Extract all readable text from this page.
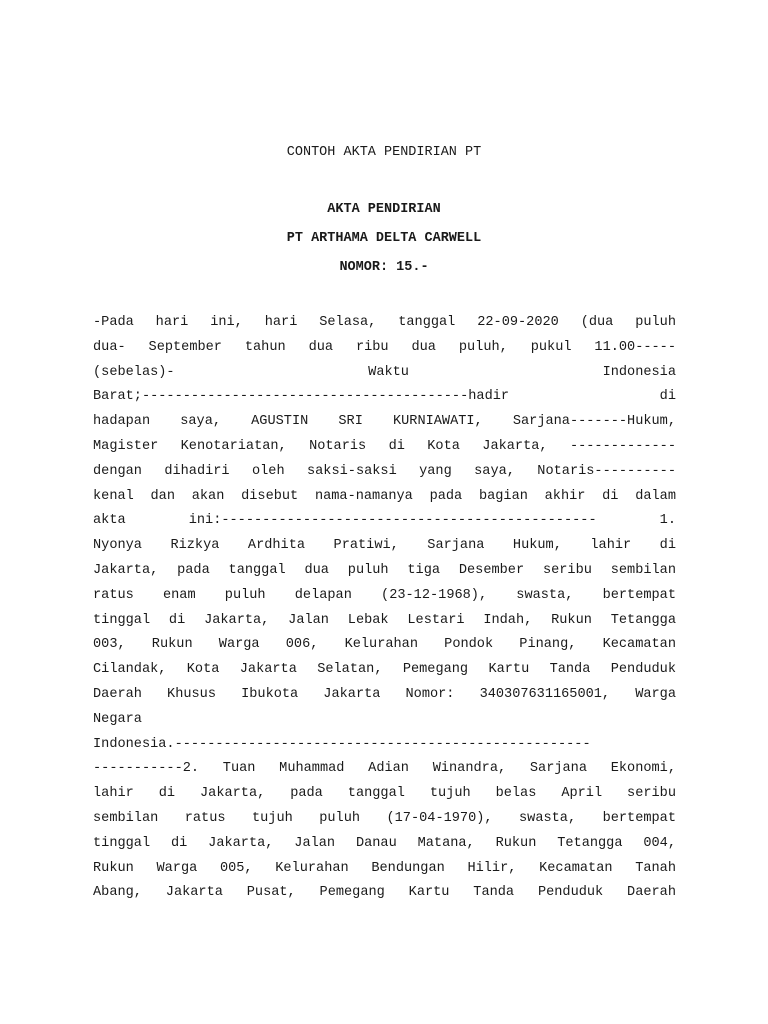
CONTOH AKTA PENDIRIAN PT
AKTA PENDIRIAN
PT ARTHAMA DELTA CARWELL
NOMOR: 15.-
-Pada hari ini, hari Selasa, tanggal 22-09-2020 (dua puluh
dua- September tahun dua ribu dua puluh, pukul 11.00-----
(sebelas)- Waktu Indonesia
Barat;----------------------------------------hadir di
hadapan saya, AGUSTIN SRI KURNIAWATI, Sarjana-------Hukum,
Magister Kenotariatan, Notaris di Kota Jakarta, -------------
dengan dihadiri oleh saksi-saksi yang saya, Notaris----------
kenal dan akan disebut nama-namanya pada bagian akhir di dalam
akta ini:---------------------------------------------- 1.
Nyonya Rizkya Ardhita Pratiwi, Sarjana Hukum, lahir di
Jakarta, pada tanggal dua puluh tiga Desember seribu sembilan
ratus enam puluh delapan (23-12-1968), swasta, bertempat
tinggal di Jakarta, Jalan Lebak Lestari Indah, Rukun Tetangga
003, Rukun Warga 006, Kelurahan Pondok Pinang, Kecamatan
Cilandak, Kota Jakarta Selatan, Pemegang Kartu Tanda Penduduk
Daerah Khusus Ibukota Jakarta Nomor: 340307631165001, Warga
Negara
Indonesia.---------------------------------------------------
-----------2. Tuan Muhammad Adian Winandra, Sarjana Ekonomi,
lahir di Jakarta, pada tanggal tujuh belas April seribu
sembilan ratus tujuh puluh (17-04-1970), swasta, bertempat
tinggal di Jakarta, Jalan Danau Matana, Rukun Tetangga 004,
Rukun Warga 005, Kelurahan Bendungan Hilir, Kecamatan Tanah
Abang, Jakarta Pusat, Pemegang Kartu Tanda Penduduk Daerah
